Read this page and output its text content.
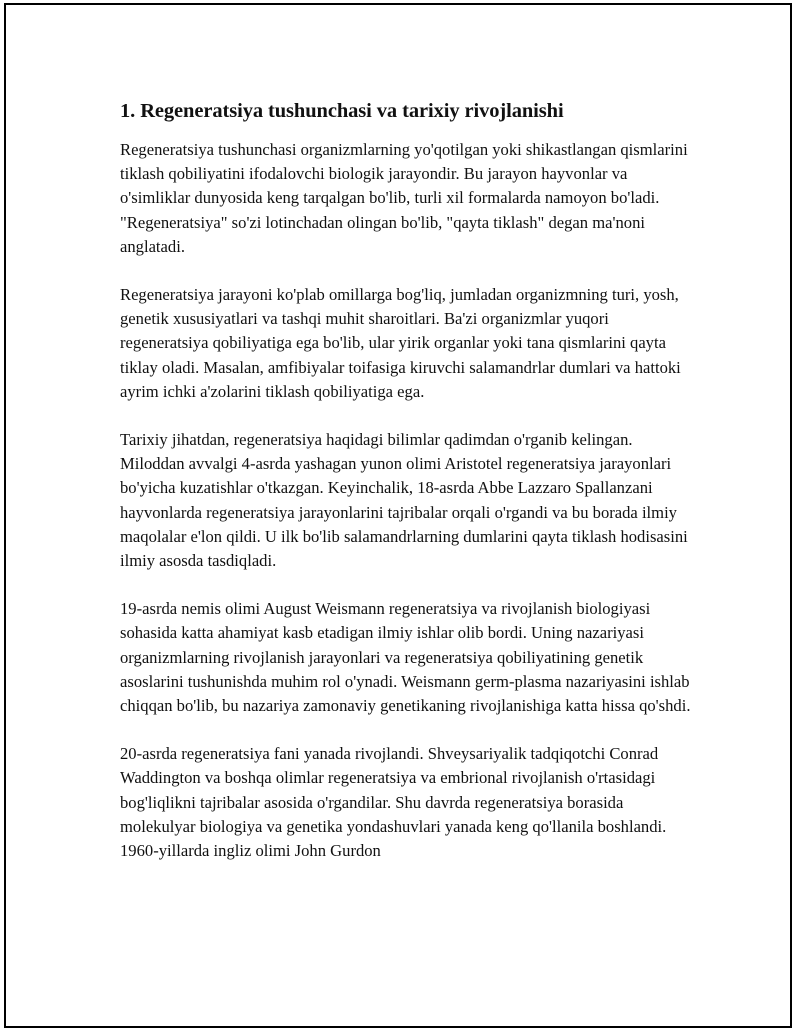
1. Regeneratsiya tushunchasi va tarixiy rivojlanishi

Regeneratsiya tushunchasi organizmlarning yo'qotilgan yoki shikastlangan qismlarini tiklash qobiliyatini ifodalovchi biologik jarayondir. Bu jarayon hayvonlar va o'simliklar dunyosida keng tarqalgan bo'lib, turli xil formalarda namoyon bo'ladi. "Regeneratsiya" so'zi lotinchadan olingan bo'lib, "qayta tiklash" degan ma'noni anglatadi.

Regeneratsiya jarayoni ko'plab omillarga bog'liq, jumladan organizmning turi, yosh, genetik xususiyatlari va tashqi muhit sharoitlari. Ba'zi organizmlar yuqori regeneratsiya qobiliyatiga ega bo'lib, ular yirik organlar yoki tana qismlarini qayta tiklay oladi. Masalan, amfibiyalar toifasiga kiruvchi salamandrlar dumlari va hattoki ayrim ichki a'zolarini tiklash qobiliyatiga ega.

Tarixiy jihatdan, regeneratsiya haqidagi bilimlar qadimdan o'rganib kelingan. Miloddan avvalgi 4-asrda yashagan yunon olimi Aristotel regeneratsiya jarayonlari bo'yicha kuzatishlar o'tkazgan. Keyinchalik, 18-asrda Abbe Lazzaro Spallanzani hayvonlarda regeneratsiya jarayonlarini tajribalar orqali o'rgandi va bu borada ilmiy maqolalar e'lon qildi. U ilk bo'lib salamandrlarning dumlarini qayta tiklash hodisasini ilmiy asosda tasdiqladi.

19-asrda nemis olimi August Weismann regeneratsiya va rivojlanish biologiyasi sohasida katta ahamiyat kasb etadigan ilmiy ishlar olib bordi. Uning nazariyasi organizmlarning rivojlanish jarayonlari va regeneratsiya qobiliyatining genetik asoslarini tushunishda muhim rol o'ynadi. Weismann germ-plasma nazariyasini ishlab chiqqan bo'lib, bu nazariya zamonaviy genetikaning rivojlanishiga katta hissa qo'shdi.

20-asrda regeneratsiya fani yanada rivojlandi. Shveysariyalik tadqiqotchi Conrad Waddington va boshqa olimlar regeneratsiya va embrional rivojlanish o'rtasidagi bog'liqlikni tajribalar asosida o'rgandilar. Shu davrda regeneratsiya borasida molekulyar biologiya va genetika yondashuvlari yanada keng qo'llanila boshlandi. 1960-yillarda ingliz olimi John Gurdon
